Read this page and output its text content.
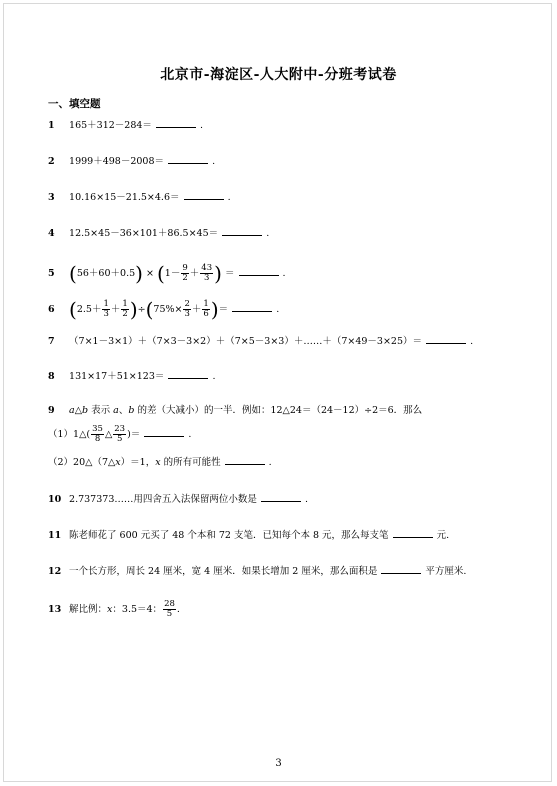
北京市-海淀区-人大附中-分班考试卷
一、填空题
1 165＋312－284＝	.
2 1999＋498－2008＝	.
3 10.16×15－21.5×4.6＝	.
4 12.5×45－36×101＋86.5×45＝	.
5 $(56+60+0.5) \times (1- \frac{9}{2} + \frac{43}{3}$ ) ＝	.
6 $(2.5+ \frac{1}{3} + \frac{1}{2} )\div(75\%\times \frac{2}{3} + \frac{1}{6}$ )＝	.
7 （7×1－3×1）＋（7×3－3×2）＋（7×5－3×3）＋……＋（7×49－3×25）＝	.
8 131×17＋51×123＝	.
9 a△b 表示 a、b 的差（大减小）的一半．例如：12△24＝（24－12）÷2＝6．那么
（1）1△( $\frac{35}{8}$ △ $\frac{23}{5}$ )＝	.
（2）20△（7△x）＝1，x 的所有可能性	.
10 2.737373……用四舍五入法保留两位小数是	.
11 陈老师花了 600 元买了 48 个本和 72 支笔．已知每个本 8 元，那么每支笔	元.
12 一个长方形，周长 24 厘米，宽 4 厘米．如果长增加 2 厘米，那么面积是	平方厘米.
13 解比例：x：3.5＝4： $\frac{28}{5}$ .
3
